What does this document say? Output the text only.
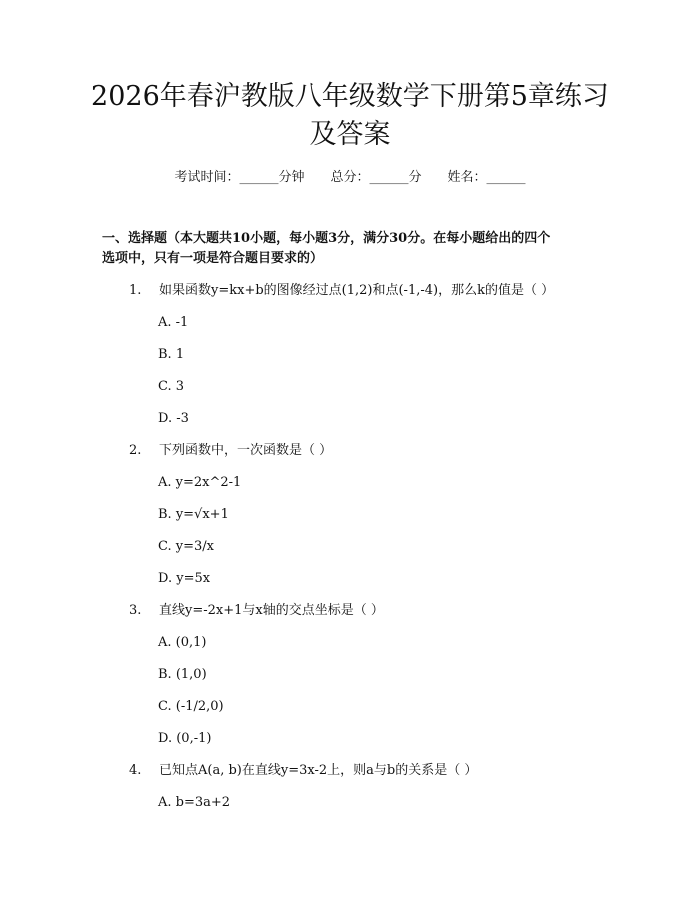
2026年春沪教版八年级数学下册第5章练习
及答案
考试时间：______分钟 总分：______分 姓名：______
一、选择题（本大题共10小题，每小题3分，满分30分。在每小题给出的四个
选项中，只有一项是符合题目要求的）
1. 如果函数y=kx+b的图像经过点(1,2)和点(-1,-4)，那么k的值是（ ）
A. -1
B. 1
C. 3
D. -3
2. 下列函数中，一次函数是（ ）
A. y=2x^2-1
B. y=√x+1
C. y=3/x
D. y=5x
3. 直线y=-2x+1与x轴的交点坐标是（ ）
A. (0,1)
B. (1,0)
C. (-1/2,0)
D. (0,-1)
4. 已知点A(a, b)在直线y=3x-2上，则a与b的关系是（ ）
A. b=3a+2
